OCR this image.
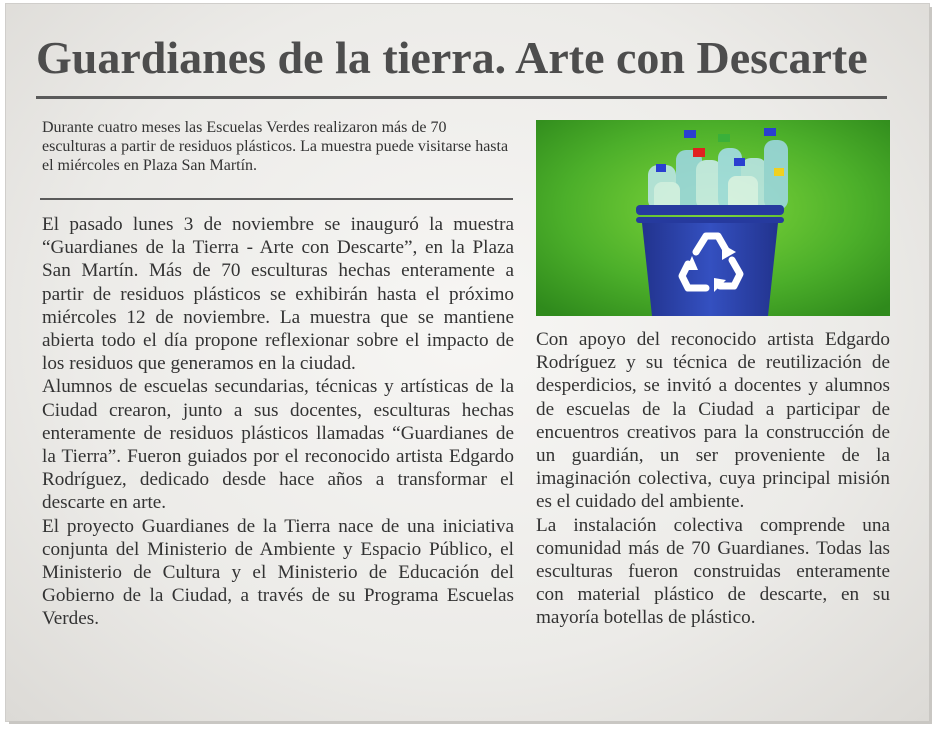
Guardianes de la tierra. Arte con Descarte
Durante cuatro meses las Escuelas Verdes realizaron más de 70 esculturas a partir de residuos plásticos. La muestra puede visitarse hasta el miércoles en Plaza San Martín.

El pasado lunes 3 de noviembre se inauguró la muestra “Guardianes de la Tierra - Arte con Descarte”, en la Plaza San Martín. Más de 70 esculturas hechas enteramente a partir de residuos plásticos se exhibirán hasta el próximo miércoles 12 de noviembre. La muestra que se mantiene abierta todo el día propone reflexionar sobre el impacto de los residuos que generamos en la ciudad.

Alumnos de escuelas secundarias, técnicas y artísticas de la Ciudad crearon, junto a sus docentes, esculturas hechas enteramente de residuos plásticos llamadas “Guardianes de la Tierra”. Fueron guiados por el reconocido artista Edgardo Rodríguez, dedicado desde hace años a transformar el descarte en arte.

El proyecto Guardianes de la Tierra nace de una iniciativa conjunta del Ministerio de Ambiente y Espacio Público, el Ministerio de Cultura y el Ministerio de Educación del Gobierno de la Ciudad, a través de su Programa Escuelas Verdes.

Con apoyo del reconocido artista Edgardo Rodríguez y su técnica de reutilización de desperdicios, se invitó a docentes y alumnos de escuelas de la Ciudad a participar de encuentros creativos para la construcción de un guardián, un ser proveniente de la imaginación colectiva, cuya principal misión es el cuidado del ambiente.

La instalación colectiva comprende una comunidad más de 70 Guardianes. Todas las esculturas fueron construidas enteramente con material plástico de descarte, en su mayoría botellas de plástico.
